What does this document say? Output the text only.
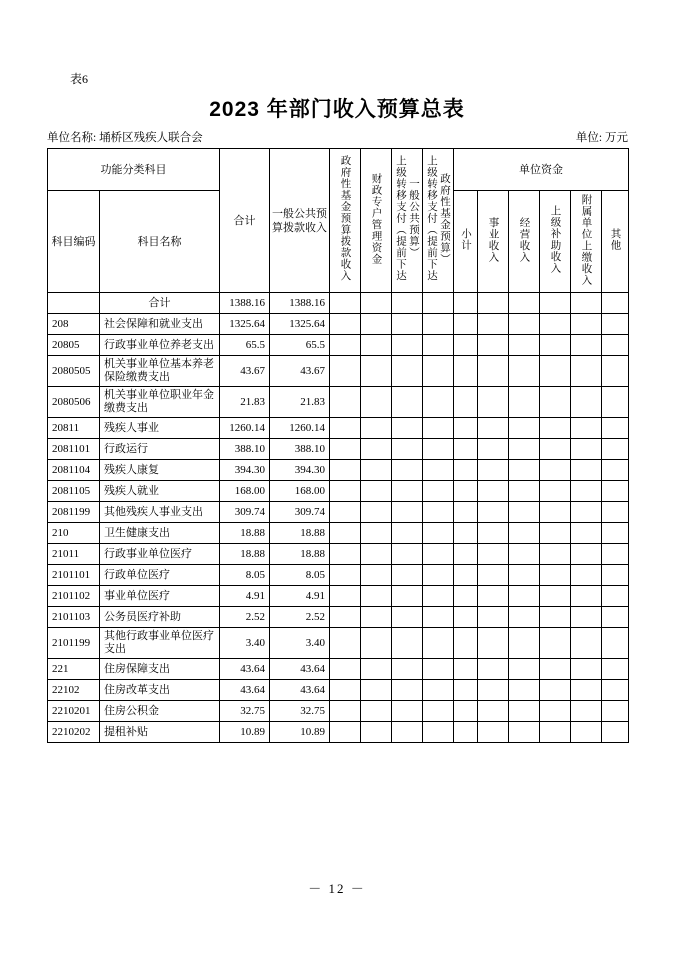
表6
2023 年部门收入预算总表
单位名称: 埇桥区残疾人联合会	单位: 万元
功能分类科目		合计	一般公共预算拨款收入	政府性基金预算拨款收入	财政专户管理资金	上级转移支付（提前下达一般公共预算）	上级转移支付（提前下达政府性基金预算）	单位资金					
科目编码	科目名称							小计	事业收入	经营收入	上级补助收入	附属单位上缴收入	其他
	合计	1388.16	1388.16										
208	社会保障和就业支出	1325.64	1325.64										
20805	行政事业单位养老支出	65.5	65.5										
2080505	机关事业单位基本养老保险缴费支出	43.67	43.67										
2080506	机关事业单位职业年金缴费支出	21.83	21.83										
20811	残疾人事业	1260.14	1260.14										
2081101	行政运行	388.10	388.10										
2081104	残疾人康复	394.30	394.30										
2081105	残疾人就业	168.00	168.00										
2081199	其他残疾人事业支出	309.74	309.74										
210	卫生健康支出	18.88	18.88										
21011	行政事业单位医疗	18.88	18.88										
2101101	行政单位医疗	8.05	8.05										
2101102	事业单位医疗	4.91	4.91										
2101103	公务员医疗补助	2.52	2.52										
2101199	其他行政事业单位医疗支出	3.40	3.40										
221	住房保障支出	43.64	43.64										
22102	住房改革支出	43.64	43.64										
2210201	住房公积金	32.75	32.75										
2210202	提租补贴	10.89	10.89										
－ 12 －
